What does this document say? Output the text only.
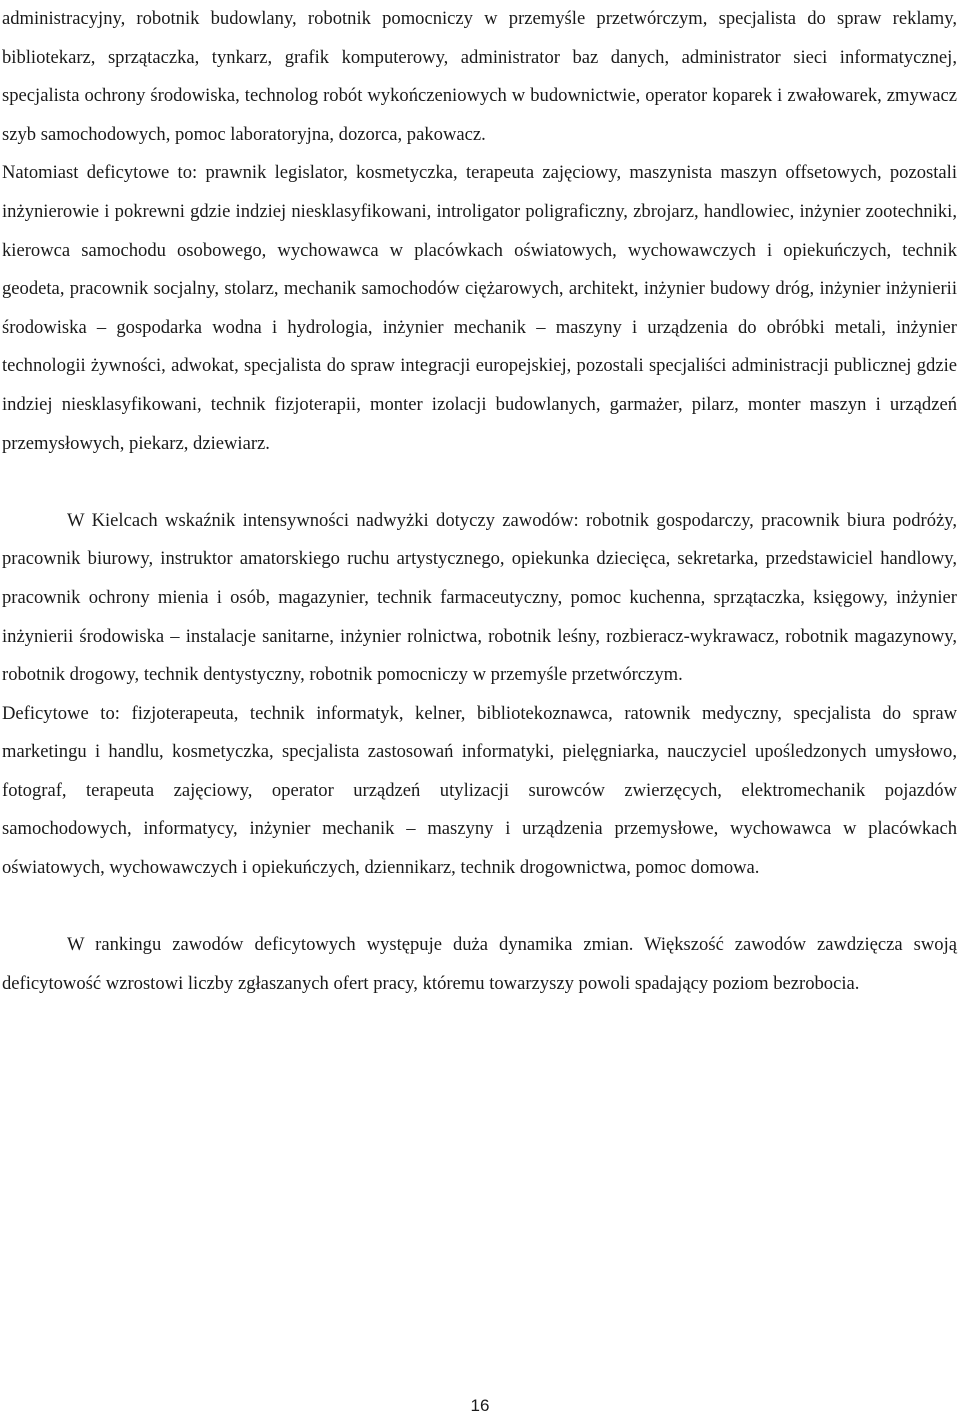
administracyjny, robotnik budowlany, robotnik pomocniczy w przemyśle przetwórczym, specjalista do spraw reklamy, bibliotekarz, sprzątaczka, tynkarz, grafik komputerowy, administrator baz danych, administrator sieci informatycznej, specjalista ochrony środowiska, technolog robót wykończeniowych w budownictwie, operator koparek i zwałowarek, zmywacz szyb samochodowych, pomoc laboratoryjna, dozorca, pakowacz.

Natomiast deficytowe to: prawnik legislator, kosmetyczka, terapeuta zajęciowy, maszynista maszyn offsetowych, pozostali inżynierowie i pokrewni gdzie indziej niesklasyfikowani, introligator poligraficzny, zbrojarz, handlowiec, inżynier zootechniki, kierowca samochodu osobowego, wychowawca w placówkach oświatowych, wychowawczych i opiekuńczych, technik geodeta, pracownik socjalny, stolarz, mechanik samochodów ciężarowych, architekt, inżynier budowy dróg, inżynier inżynierii środowiska – gospodarka wodna i hydrologia, inżynier mechanik – maszyny i urządzenia do obróbki metali, inżynier technologii żywności, adwokat, specjalista do spraw integracji europejskiej, pozostali specjaliści administracji publicznej gdzie indziej niesklasyfikowani, technik fizjoterapii, monter izolacji budowlanych, garmażer, pilarz, monter maszyn i urządzeń przemysłowych, piekarz, dziewiarz.

W Kielcach wskaźnik intensywności nadwyżki dotyczy zawodów: robotnik gospodarczy, pracownik biura podróży, pracownik biurowy, instruktor amatorskiego ruchu artystycznego, opiekunka dziecięca, sekretarka, przedstawiciel handlowy, pracownik ochrony mienia i osób, magazynier, technik farmaceutyczny, pomoc kuchenna, sprzątaczka, księgowy, inżynier inżynierii środowiska – instalacje sanitarne, inżynier rolnictwa, robotnik leśny, rozbieracz-wykrawacz, robotnik magazynowy, robotnik drogowy, technik dentystyczny, robotnik pomocniczy w przemyśle przetwórczym.

Deficytowe to: fizjoterapeuta, technik informatyk, kelner, bibliotekoznawca, ratownik medyczny, specjalista do spraw marketingu i handlu, kosmetyczka, specjalista zastosowań informatyki, pielęgniarka, nauczyciel upośledzonych umysłowo, fotograf, terapeuta zajęciowy, operator urządzeń utylizacji surowców zwierzęcych, elektromechanik pojazdów samochodowych, informatycy, inżynier mechanik – maszyny i urządzenia przemysłowe, wychowawca w placówkach oświatowych, wychowawczych i opiekuńczych, dziennikarz, technik drogownictwa, pomoc domowa.

W rankingu zawodów deficytowych występuje duża dynamika zmian. Większość zawodów zawdzięcza swoją deficytowość wzrostowi liczby zgłaszanych ofert pracy, któremu towarzyszy powoli spadający poziom bezrobocia.

16
